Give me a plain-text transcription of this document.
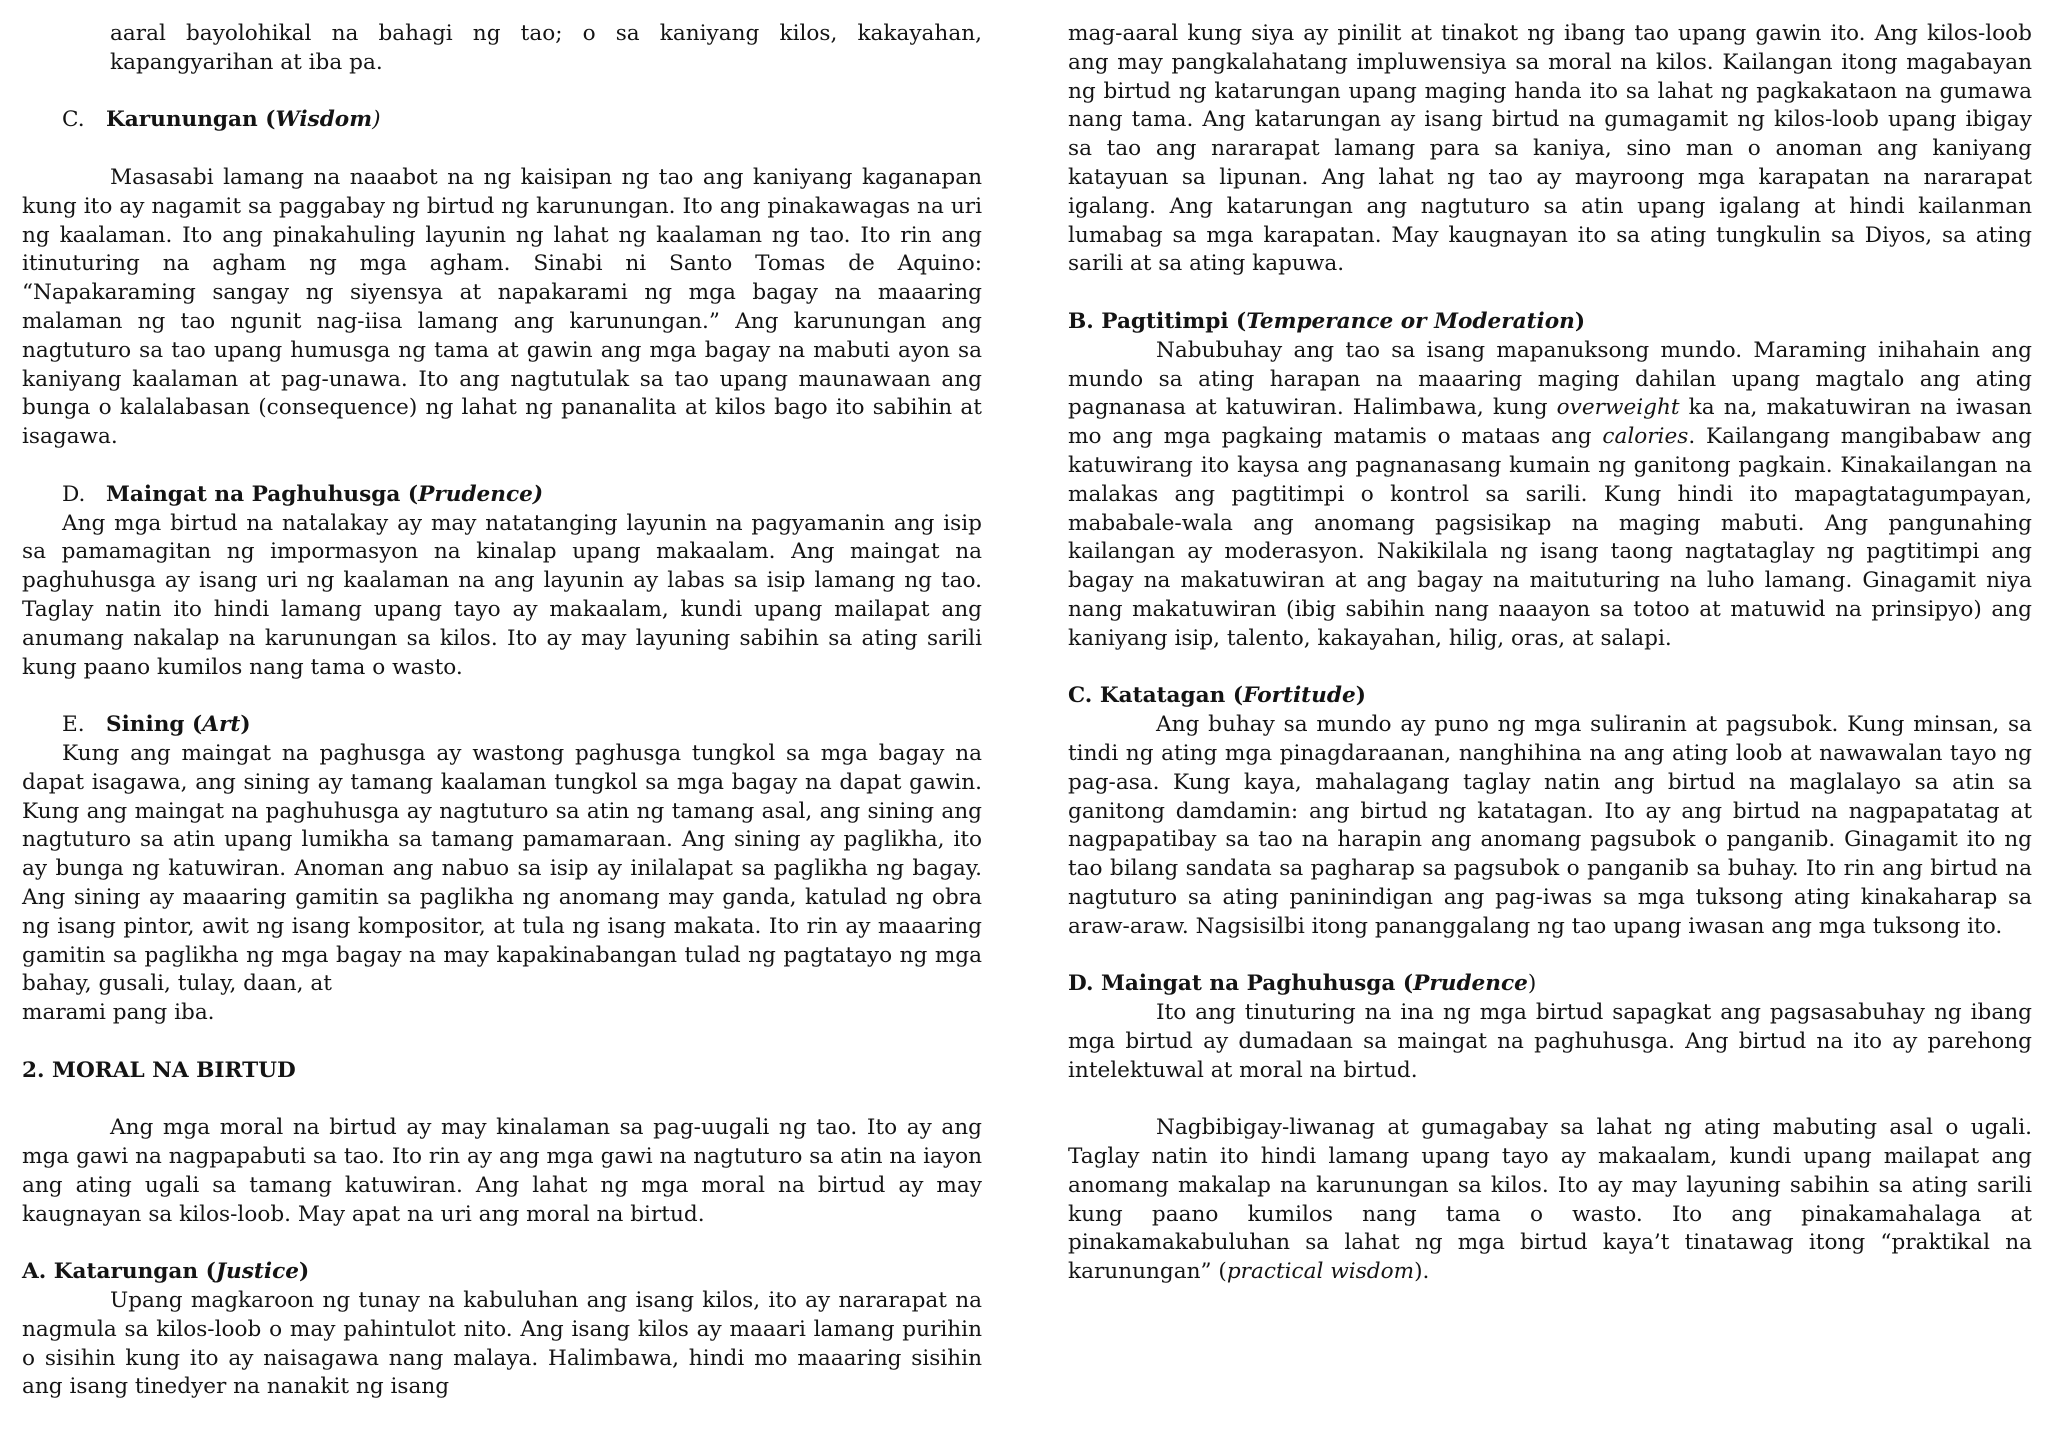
aaral bayolohikal na bahagi ng tao; o sa kaniyang kilos, kakayahan, kapangyarihan at iba pa.

C. Karunungan (Wisdom)

Masasabi lamang na naaabot na ng kaisipan ng tao ang kaniyang kaganapan kung ito ay nagamit sa paggabay ng birtud ng karunungan. Ito ang pinakawagas na uri ng kaalaman. Ito ang pinakahuling layunin ng lahat ng kaalaman ng tao. Ito rin ang itinuturing na agham ng mga agham. Sinabi ni Santo Tomas de Aquino: “Napakaraming sangay ng siyensya at napakarami ng mga bagay na maaaring malaman ng tao ngunit nag-iisa lamang ang karunungan.” Ang karunungan ang nagtuturo sa tao upang humusga ng tama at gawin ang mga bagay na mabuti ayon sa kaniyang kaalaman at pag-unawa. Ito ang nagtutulak sa tao upang maunawaan ang bunga o kalalabasan (consequence) ng lahat ng pananalita at kilos bago ito sabihin at isagawa.

D. Maingat na Paghuhusga (Prudence)

Ang mga birtud na natalakay ay may natatanging layunin na pagyamanin ang isip sa pamamagitan ng impormasyon na kinalap upang makaalam. Ang maingat na paghuhusga ay isang uri ng kaalaman na ang layunin ay labas sa isip lamang ng tao. Taglay natin ito hindi lamang upang tayo ay makaalam, kundi upang mailapat ang anumang nakalap na karunungan sa kilos. Ito ay may layuning sabihin sa ating sarili kung paano kumilos nang tama o wasto.

E. Sining (Art)

Kung ang maingat na paghusga ay wastong paghusga tungkol sa mga bagay na dapat isagawa, ang sining ay tamang kaalaman tungkol sa mga bagay na dapat gawin. Kung ang maingat na paghuhusga ay nagtuturo sa atin ng tamang asal, ang sining ang nagtuturo sa atin upang lumikha sa tamang pamamaraan. Ang sining ay paglikha, ito ay bunga ng katuwiran. Anoman ang nabuo sa isip ay inilalapat sa paglikha ng bagay. Ang sining ay maaaring gamitin sa paglikha ng anomang may ganda, katulad ng obra ng isang pintor, awit ng isang kompositor, at tula ng isang makata. Ito rin ay maaaring gamitin sa paglikha ng mga bagay na may kapakinabangan tulad ng pagtatayo ng mga bahay, gusali, tulay, daan, at

marami pang iba.

2. MORAL NA BIRTUD

Ang mga moral na birtud ay may kinalaman sa pag-uugali ng tao. Ito ay ang mga gawi na nagpapabuti sa tao. Ito rin ay ang mga gawi na nagtuturo sa atin na iayon ang ating ugali sa tamang katuwiran. Ang lahat ng mga moral na birtud ay may kaugnayan sa kilos-loob. May apat na uri ang moral na birtud.

A. Katarungan (Justice)

Upang magkaroon ng tunay na kabuluhan ang isang kilos, ito ay nararapat na nagmula sa kilos-loob o may pahintulot nito. Ang isang kilos ay maaari lamang purihin o sisihin kung ito ay naisagawa nang malaya. Halimbawa, hindi mo maaaring sisihin ang isang tinedyer na nanakit ng isang

mag-aaral kung siya ay pinilit at tinakot ng ibang tao upang gawin ito. Ang kilos-loob ang may pangkalahatang impluwensiya sa moral na kilos. Kailangan itong magabayan ng birtud ng katarungan upang maging handa ito sa lahat ng pagkakataon na gumawa nang tama. Ang katarungan ay isang birtud na gumagamit ng kilos-loob upang ibigay sa tao ang nararapat lamang para sa kaniya, sino man o anoman ang kaniyang katayuan sa lipunan. Ang lahat ng tao ay mayroong mga karapatan na nararapat igalang. Ang katarungan ang nagtuturo sa atin upang igalang at hindi kailanman lumabag sa mga karapatan. May kaugnayan ito sa ating tungkulin sa Diyos, sa ating sarili at sa ating kapuwa.

B. Pagtitimpi (Temperance or Moderation)

Nabubuhay ang tao sa isang mapanuksong mundo. Maraming inihahain ang mundo sa ating harapan na maaaring maging dahilan upang magtalo ang ating pagnanasa at katuwiran. Halimbawa, kung overweight ka na, makatuwiran na iwasan mo ang mga pagkaing matamis o mataas ang calories. Kailangang mangibabaw ang katuwirang ito kaysa ang pagnanasang kumain ng ganitong pagkain. Kinakailangan na malakas ang pagtitimpi o kontrol sa sarili. Kung hindi ito mapagtatagumpayan, mababale-wala ang anomang pagsisikap na maging mabuti. Ang pangunahing kailangan ay moderasyon. Nakikilala ng isang taong nagtataglay ng pagtitimpi ang bagay na makatuwiran at ang bagay na maituturing na luho lamang. Ginagamit niya nang makatuwiran (ibig sabihin nang naaayon sa totoo at matuwid na prinsipyo) ang kaniyang isip, talento, kakayahan, hilig, oras, at salapi.

C. Katatagan (Fortitude)

Ang buhay sa mundo ay puno ng mga suliranin at pagsubok. Kung minsan, sa tindi ng ating mga pinagdaraanan, nanghihina na ang ating loob at nawawalan tayo ng pag-asa. Kung kaya, mahalagang taglay natin ang birtud na maglalayo sa atin sa ganitong damdamin: ang birtud ng katatagan. Ito ay ang birtud na nagpapatatag at nagpapatibay sa tao na harapin ang anomang pagsubok o panganib. Ginagamit ito ng tao bilang sandata sa pagharap sa pagsubok o panganib sa buhay. Ito rin ang birtud na nagtuturo sa ating paninindigan ang pag-iwas sa mga tuksong ating kinakaharap sa araw-araw. Nagsisilbi itong pananggalang ng tao upang iwasan ang mga tuksong ito.

D. Maingat na Paghuhusga (Prudence)

Ito ang tinuturing na ina ng mga birtud sapagkat ang pagsasabuhay ng ibang mga birtud ay dumadaan sa maingat na paghuhusga. Ang birtud na ito ay parehong intelektuwal at moral na birtud.

Nagbibigay-liwanag at gumagabay sa lahat ng ating mabuting asal o ugali. Taglay natin ito hindi lamang upang tayo ay makaalam, kundi upang mailapat ang anomang makalap na karunungan sa kilos. Ito ay may layuning sabihin sa ating sarili kung paano kumilos nang tama o wasto. Ito ang pinakamahalaga at pinakamakabuluhan sa lahat ng mga birtud kaya’t tinatawag itong “praktikal na karunungan” (practical wisdom).
